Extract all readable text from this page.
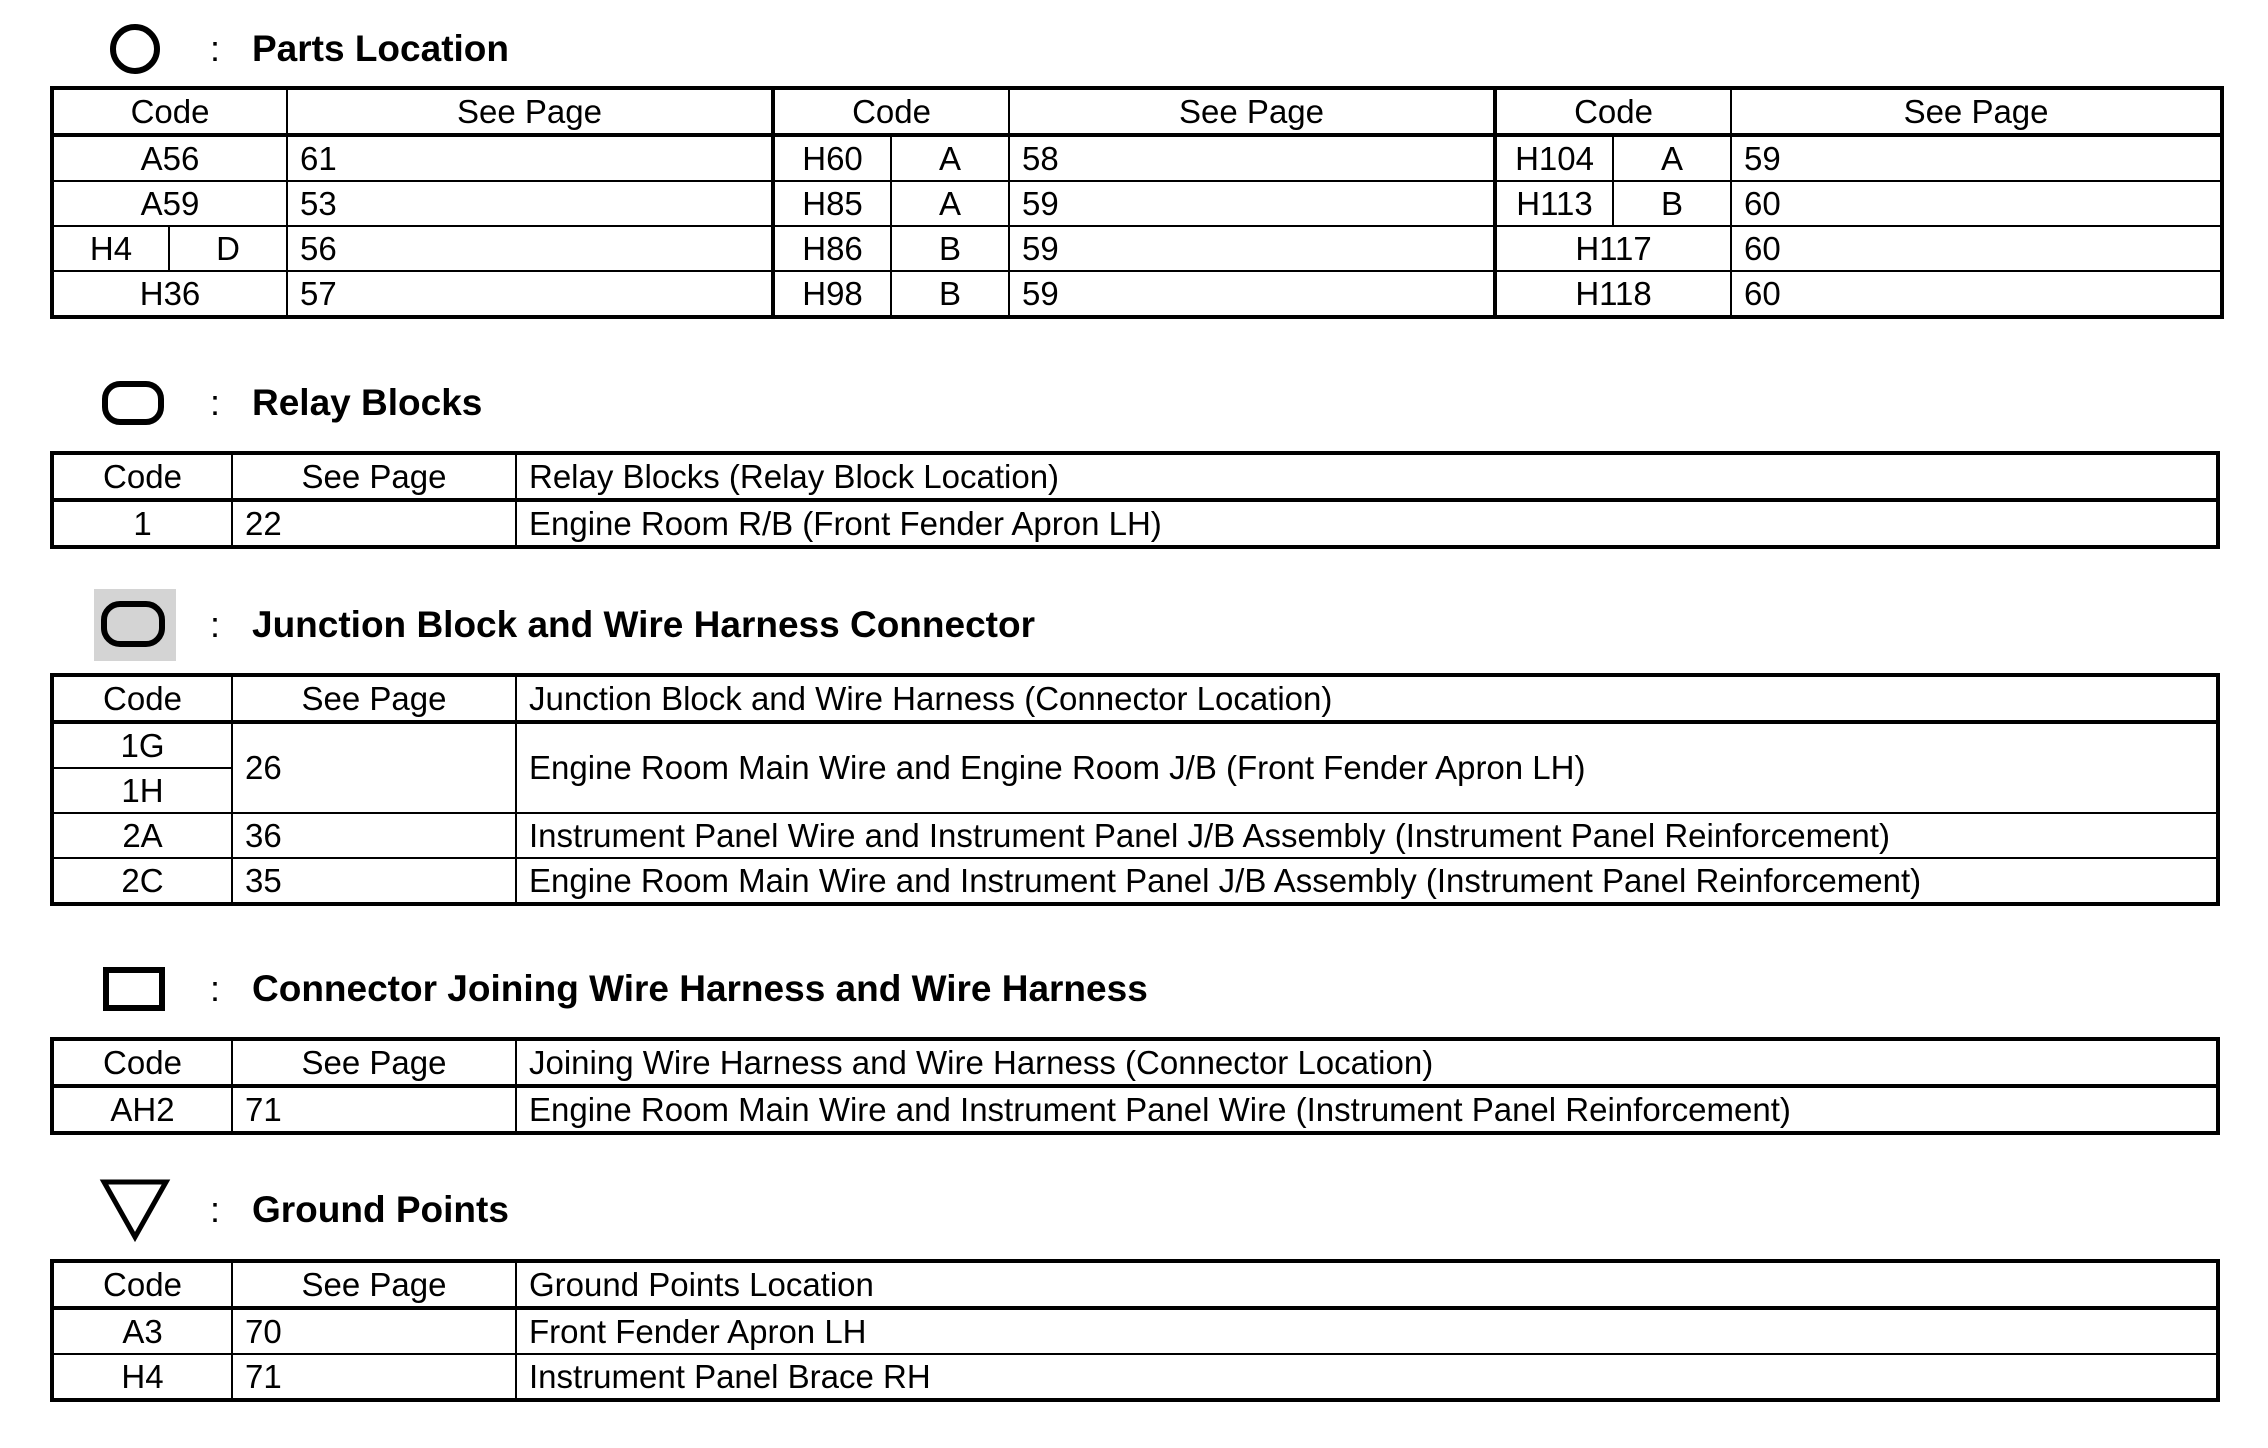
: Parts Location
Code		See Page	Code		See Page	Code		See Page
A56		61	H60	A	58	H104	A	59
A59		53	H85	A	59	H113	B	60
H4	D	56	H86	B	59	H117		60
H36		57	H98	B	59	H118		60
: Relay Blocks
Code	See Page	Relay Blocks (Relay Block Location)
1	22	Engine Room R/B (Front Fender Apron LH)
: Junction Block and Wire Harness Connector
Code	See Page	Junction Block and Wire Harness (Connector Location)
1G	26	Engine Room Main Wire and Engine Room J/B (Front Fender Apron LH)
1H		
2A	36	Instrument Panel Wire and Instrument Panel J/B Assembly (Instrument Panel Reinforcement)
2C	35	Engine Room Main Wire and Instrument Panel J/B Assembly (Instrument Panel Reinforcement)
: Connector Joining Wire Harness and Wire Harness
Code	See Page	Joining Wire Harness and Wire Harness (Connector Location)
AH2	71	Engine Room Main Wire and Instrument Panel Wire (Instrument Panel Reinforcement)
: Ground Points
Code	See Page	Ground Points Location
A3	70	Front Fender Apron LH
H4	71	Instrument Panel Brace RH
